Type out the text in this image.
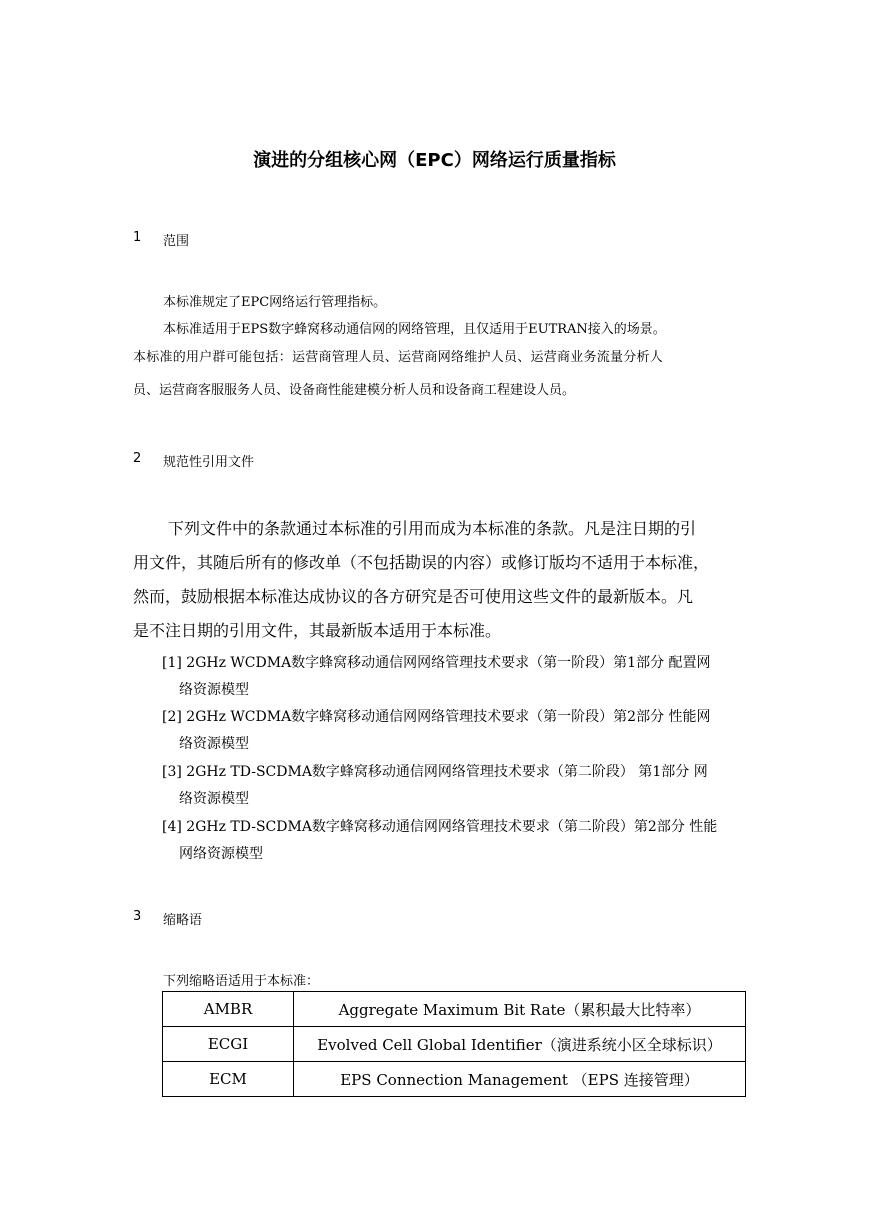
演进的分组核心网（EPC）网络运行质量指标
1 范围
本标准规定了EPC网络运行管理指标。
本标准适用于EPS数字蜂窝移动通信网的网络管理，且仅适用于EUTRAN接入的场景。
本标准的用户群可能包括：运营商管理人员、运营商网络维护人员、运营商业务流量分析人
员、运营商客服服务人员、设备商性能建模分析人员和设备商工程建设人员。
2 规范性引用文件
下列文件中的条款通过本标准的引用而成为本标准的条款。凡是注日期的引
用文件，其随后所有的修改单（不包括勘误的内容）或修订版均不适用于本标准，
然而，鼓励根据本标准达成协议的各方研究是否可使用这些文件的最新版本。凡
是不注日期的引用文件，其最新版本适用于本标准。
[1] 2GHz WCDMA数字蜂窝移动通信网网络管理技术要求（第一阶段）第1部分 配置网
络资源模型
[2] 2GHz WCDMA数字蜂窝移动通信网网络管理技术要求（第一阶段）第2部分 性能网
络资源模型
[3] 2GHz TD-SCDMA数字蜂窝移动通信网网络管理技术要求（第二阶段） 第1部分 网
络资源模型
[4] 2GHz TD-SCDMA数字蜂窝移动通信网网络管理技术要求（第二阶段）第2部分 性能
网络资源模型
3 缩略语
下列缩略语适用于本标准：
AMBR	Aggregate Maximum Bit Rate（累积最大比特率）
ECGI	Evolved Cell Global Identifier（演进系统小区全球标识）
ECM	EPS Connection Management （EPS 连接管理）
